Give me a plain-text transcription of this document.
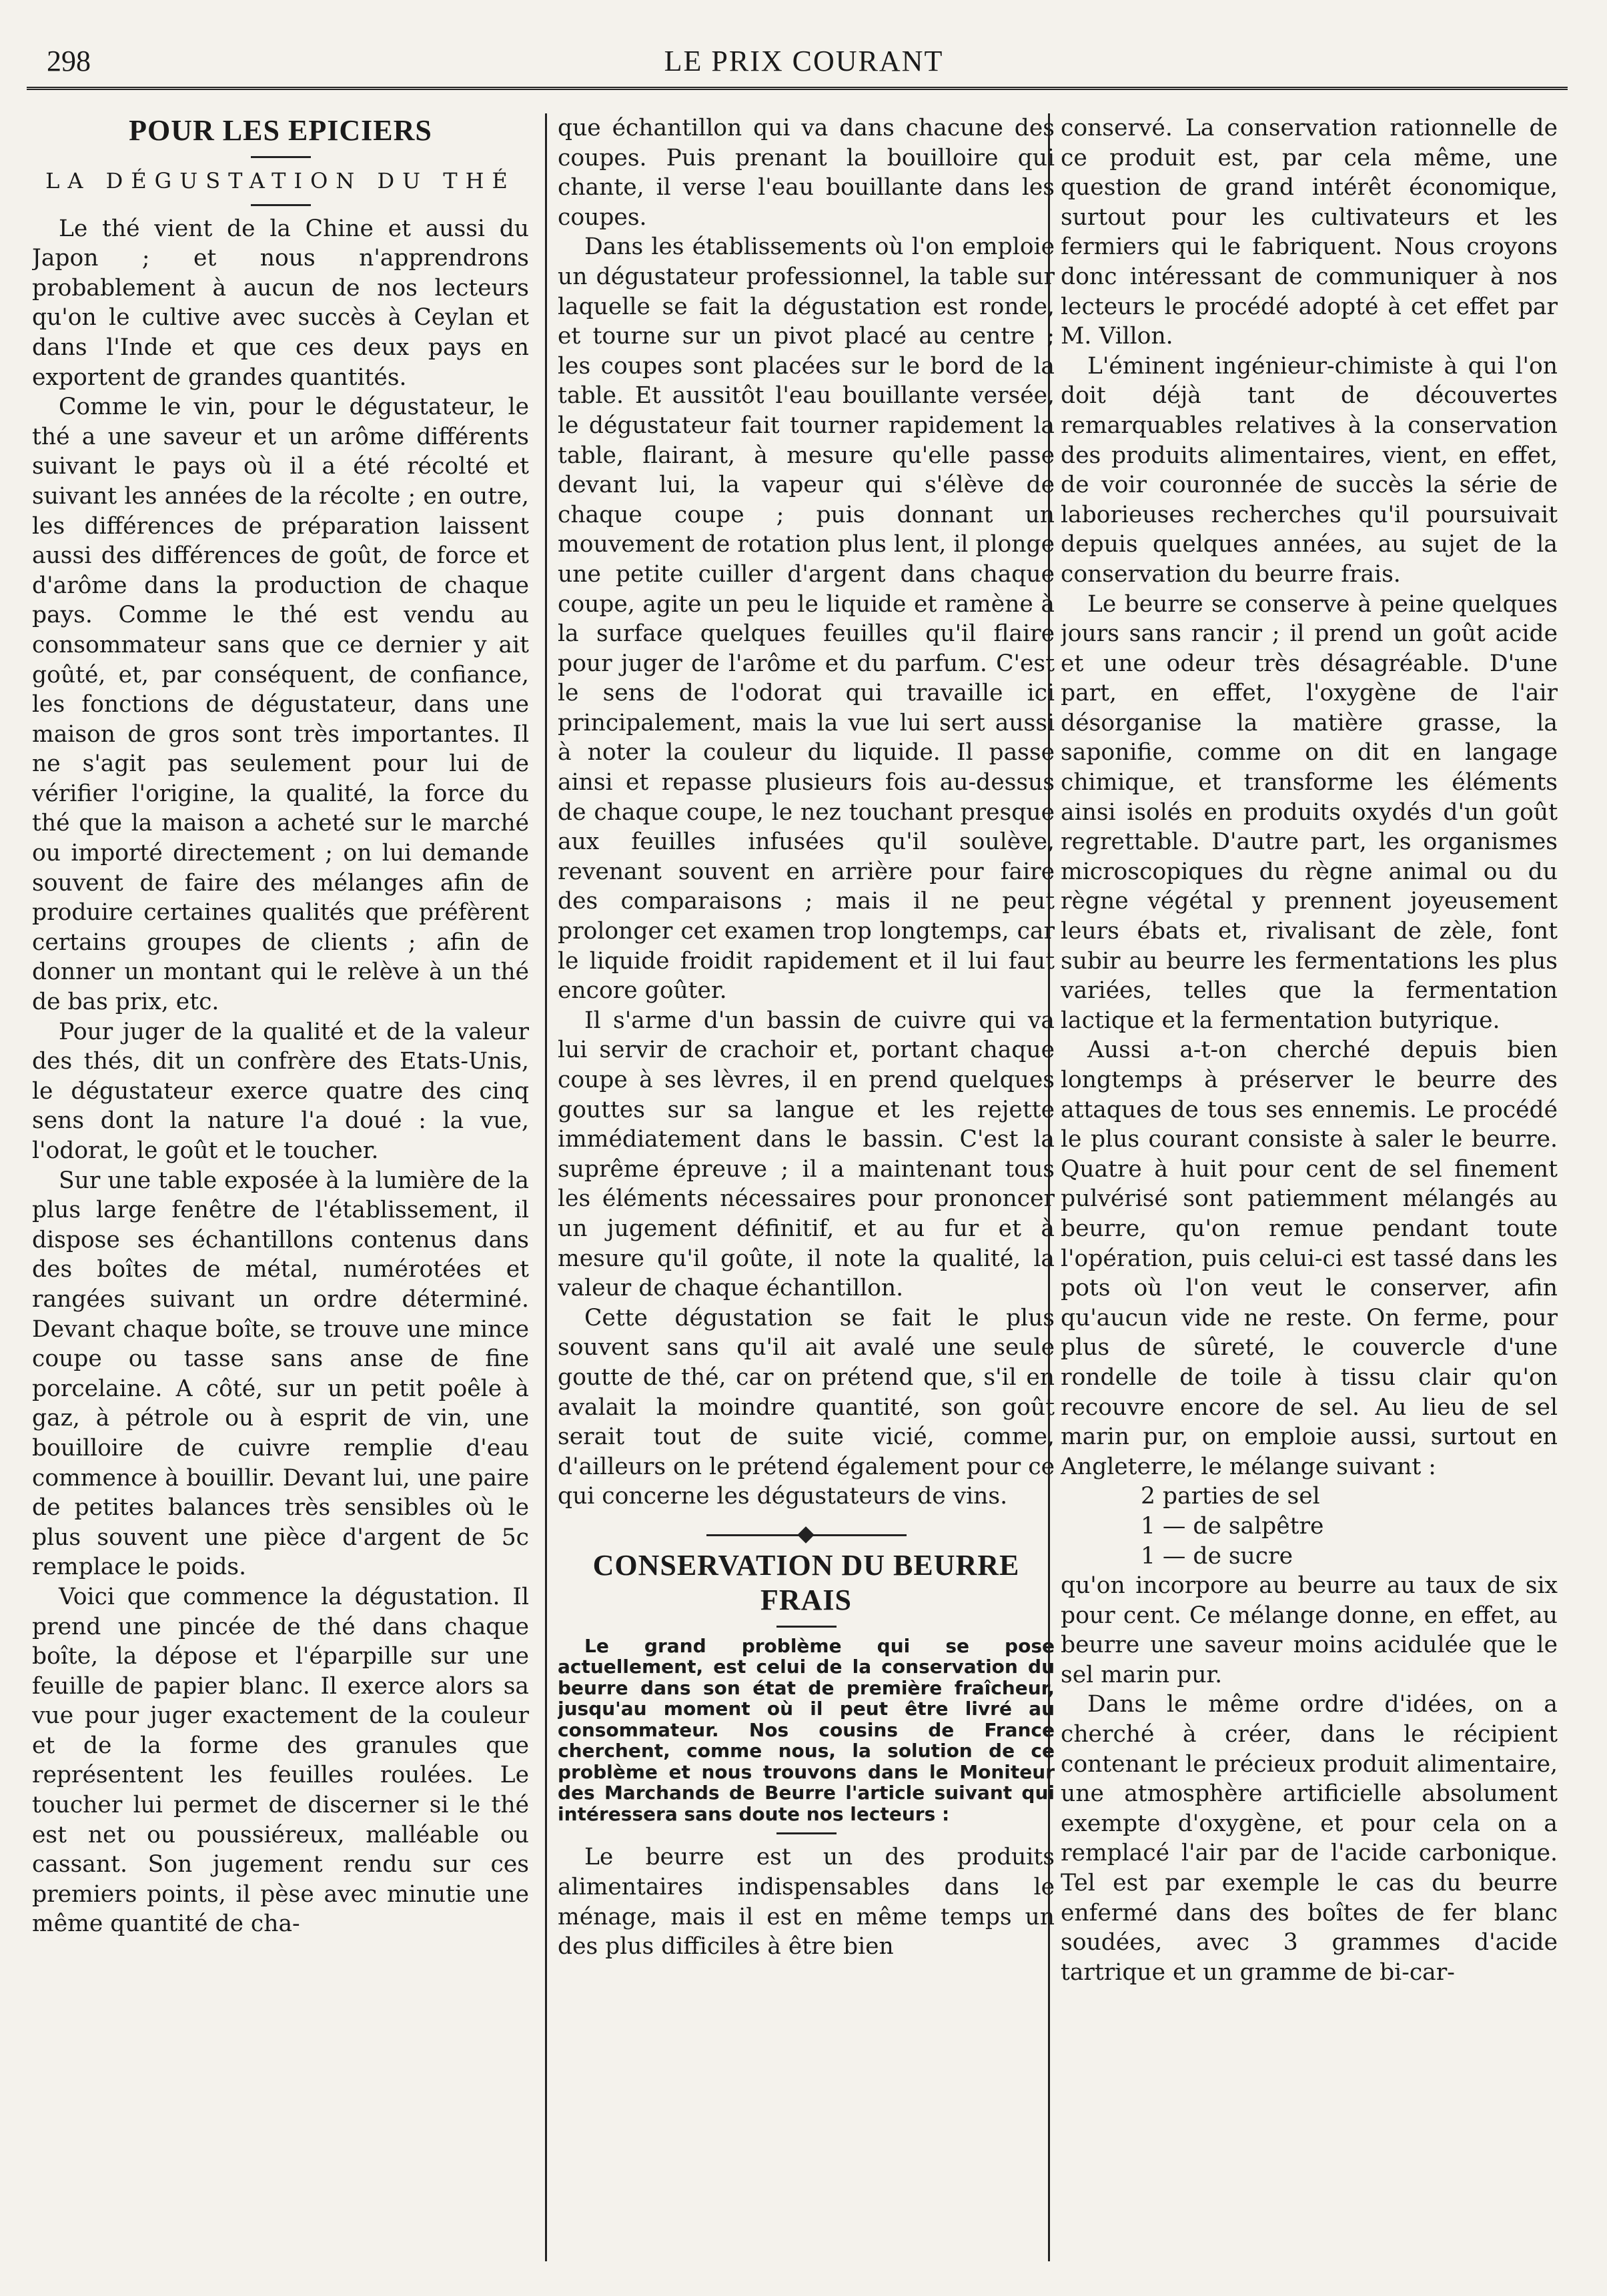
298	LE PRIX COURANT
POUR LES EPICIERS
LA DÉGUSTATION DU THÉ

Le thé vient de la Chine et aussi du Japon ; et nous n'apprendrons probablement à aucun de nos lecteurs qu'on le cultive avec succès à Ceylan et dans l'Inde et que ces deux pays en exportent de grandes quantités.

Comme le vin, pour le dégustateur, le thé a une saveur et un arôme différents suivant le pays où il a été récolté et suivant les années de la récolte ; en outre, les différences de préparation laissent aussi des différences de goût, de force et d'arôme dans la production de chaque pays. Comme le thé est vendu au consommateur sans que ce dernier y ait goûté, et, par conséquent, de confiance, les fonctions de dégustateur, dans une maison de gros sont très importantes. Il ne s'agit pas seulement pour lui de vérifier l'origine, la qualité, la force du thé que la maison a acheté sur le marché ou importé directement ; on lui demande souvent de faire des mélanges afin de produire certaines qualités que préfèrent certains groupes de clients ; afin de donner un montant qui le relève à un thé de bas prix, etc.

Pour juger de la qualité et de la valeur des thés, dit un confrère des Etats-Unis, le dégustateur exerce quatre des cinq sens dont la nature l'a doué : la vue, l'odorat, le goût et le toucher.

Sur une table exposée à la lumière de la plus large fenêtre de l'établissement, il dispose ses échantillons contenus dans des boîtes de métal, numérotées et rangées suivant un ordre déterminé. Devant chaque boîte, se trouve une mince coupe ou tasse sans anse de fine porcelaine. A côté, sur un petit poêle à gaz, à pétrole ou à esprit de vin, une bouilloire de cuivre remplie d'eau commence à bouillir. Devant lui, une paire de petites balances très sensibles où le plus souvent une pièce d'argent de 5c remplace le poids.

Voici que commence la dégustation. Il prend une pincée de thé dans chaque boîte, la dépose et l'éparpille sur une feuille de papier blanc. Il exerce alors sa vue pour juger exactement de la couleur et de la forme des granules que représentent les feuilles roulées. Le toucher lui permet de discerner si le thé est net ou poussiéreux, malléable ou cassant. Son jugement rendu sur ces premiers points, il pèse avec minutie une même quantité de cha-

que échantillon qui va dans chacune des coupes. Puis prenant la bouilloire qui chante, il verse l'eau bouillante dans les coupes.

Dans les établissements où l'on emploie un dégustateur professionnel, la table sur laquelle se fait la dégustation est ronde, et tourne sur un pivot placé au centre ; les coupes sont placées sur le bord de la table. Et aussitôt l'eau bouillante versée, le dégustateur fait tourner rapidement la table, flairant, à mesure qu'elle passe devant lui, la vapeur qui s'élève de chaque coupe ; puis donnant un mouvement de rotation plus lent, il plonge une petite cuiller d'argent dans chaque coupe, agite un peu le liquide et ramène à la surface quelques feuilles qu'il flaire pour juger de l'arôme et du parfum. C'est le sens de l'odorat qui travaille ici principalement, mais la vue lui sert aussi à noter la couleur du liquide. Il passe ainsi et repasse plusieurs fois au-dessus de chaque coupe, le nez touchant presque aux feuilles infusées qu'il soulève, revenant souvent en arrière pour faire des comparaisons ; mais il ne peut prolonger cet examen trop longtemps, car le liquide froidit rapidement et il lui faut encore goûter.

Il s'arme d'un bassin de cuivre qui va lui servir de crachoir et, portant chaque coupe à ses lèvres, il en prend quelques gouttes sur sa langue et les rejette immédiatement dans le bassin. C'est la suprême épreuve ; il a maintenant tous les éléments nécessaires pour prononcer un jugement définitif, et au fur et à mesure qu'il goûte, il note la qualité, la valeur de chaque échantillon.

Cette dégustation se fait le plus souvent sans qu'il ait avalé une seule goutte de thé, car on prétend que, s'il en avalait la moindre quantité, son goût serait tout de suite vicié, comme, d'ailleurs on le prétend également pour ce qui concerne les dégustateurs de vins.

CONSERVATION DU BEURRE FRAIS

Le grand problème qui se pose actuellement, est celui de la conservation du beurre dans son état de première fraîcheur, jusqu'au moment où il peut être livré au consommateur. Nos cousins de France cherchent, comme nous, la solution de ce problème et nous trouvons dans le Moniteur des Marchands de Beurre l'article suivant qui intéressera sans doute nos lecteurs :

Le beurre est un des produits alimentaires indispensables dans le ménage, mais il est en même temps un des plus difficiles à être bien

conservé. La conservation rationnelle de ce produit est, par cela même, une question de grand intérêt économique, surtout pour les cultivateurs et les fermiers qui le fabriquent. Nous croyons donc intéressant de communiquer à nos lecteurs le procédé adopté à cet effet par M. Villon.

L'éminent ingénieur-chimiste à qui l'on doit déjà tant de découvertes remarquables relatives à la conservation des produits alimentaires, vient, en effet, de voir couronnée de succès la série de laborieuses recherches qu'il poursuivait depuis quelques années, au sujet de la conservation du beurre frais.

Le beurre se conserve à peine quelques jours sans rancir ; il prend un goût acide et une odeur très désagréable. D'une part, en effet, l'oxygène de l'air désorganise la matière grasse, la saponifie, comme on dit en langage chimique, et transforme les éléments ainsi isolés en produits oxydés d'un goût regrettable. D'autre part, les organismes microscopiques du règne animal ou du règne végétal y prennent joyeusement leurs ébats et, rivalisant de zèle, font subir au beurre les fermentations les plus variées, telles que la fermentation lactique et la fermentation butyrique.

Aussi a-t-on cherché depuis bien longtemps à préserver le beurre des attaques de tous ses ennemis. Le procédé le plus courant consiste à saler le beurre. Quatre à huit pour cent de sel finement pulvérisé sont patiemment mélangés au beurre, qu'on remue pendant toute l'opération, puis celui-ci est tassé dans les pots où l'on veut le conserver, afin qu'aucun vide ne reste. On ferme, pour plus de sûreté, le couvercle d'une rondelle de toile à tissu clair qu'on recouvre encore de sel. Au lieu de sel marin pur, on emploie aussi, surtout en Angleterre, le mélange suivant :

2 parties de sel

1 — de salpêtre

1 — de sucre

qu'on incorpore au beurre au taux de six pour cent. Ce mélange donne, en effet, au beurre une saveur moins acidulée que le sel marin pur.

Dans le même ordre d'idées, on a cherché à créer, dans le récipient contenant le précieux produit alimentaire, une atmosphère artificielle absolument exempte d'oxygène, et pour cela on a remplacé l'air par de l'acide carbonique. Tel est par exemple le cas du beurre enfermé dans des boîtes de fer blanc soudées, avec 3 grammes d'acide tartrique et un gramme de bi-car-
